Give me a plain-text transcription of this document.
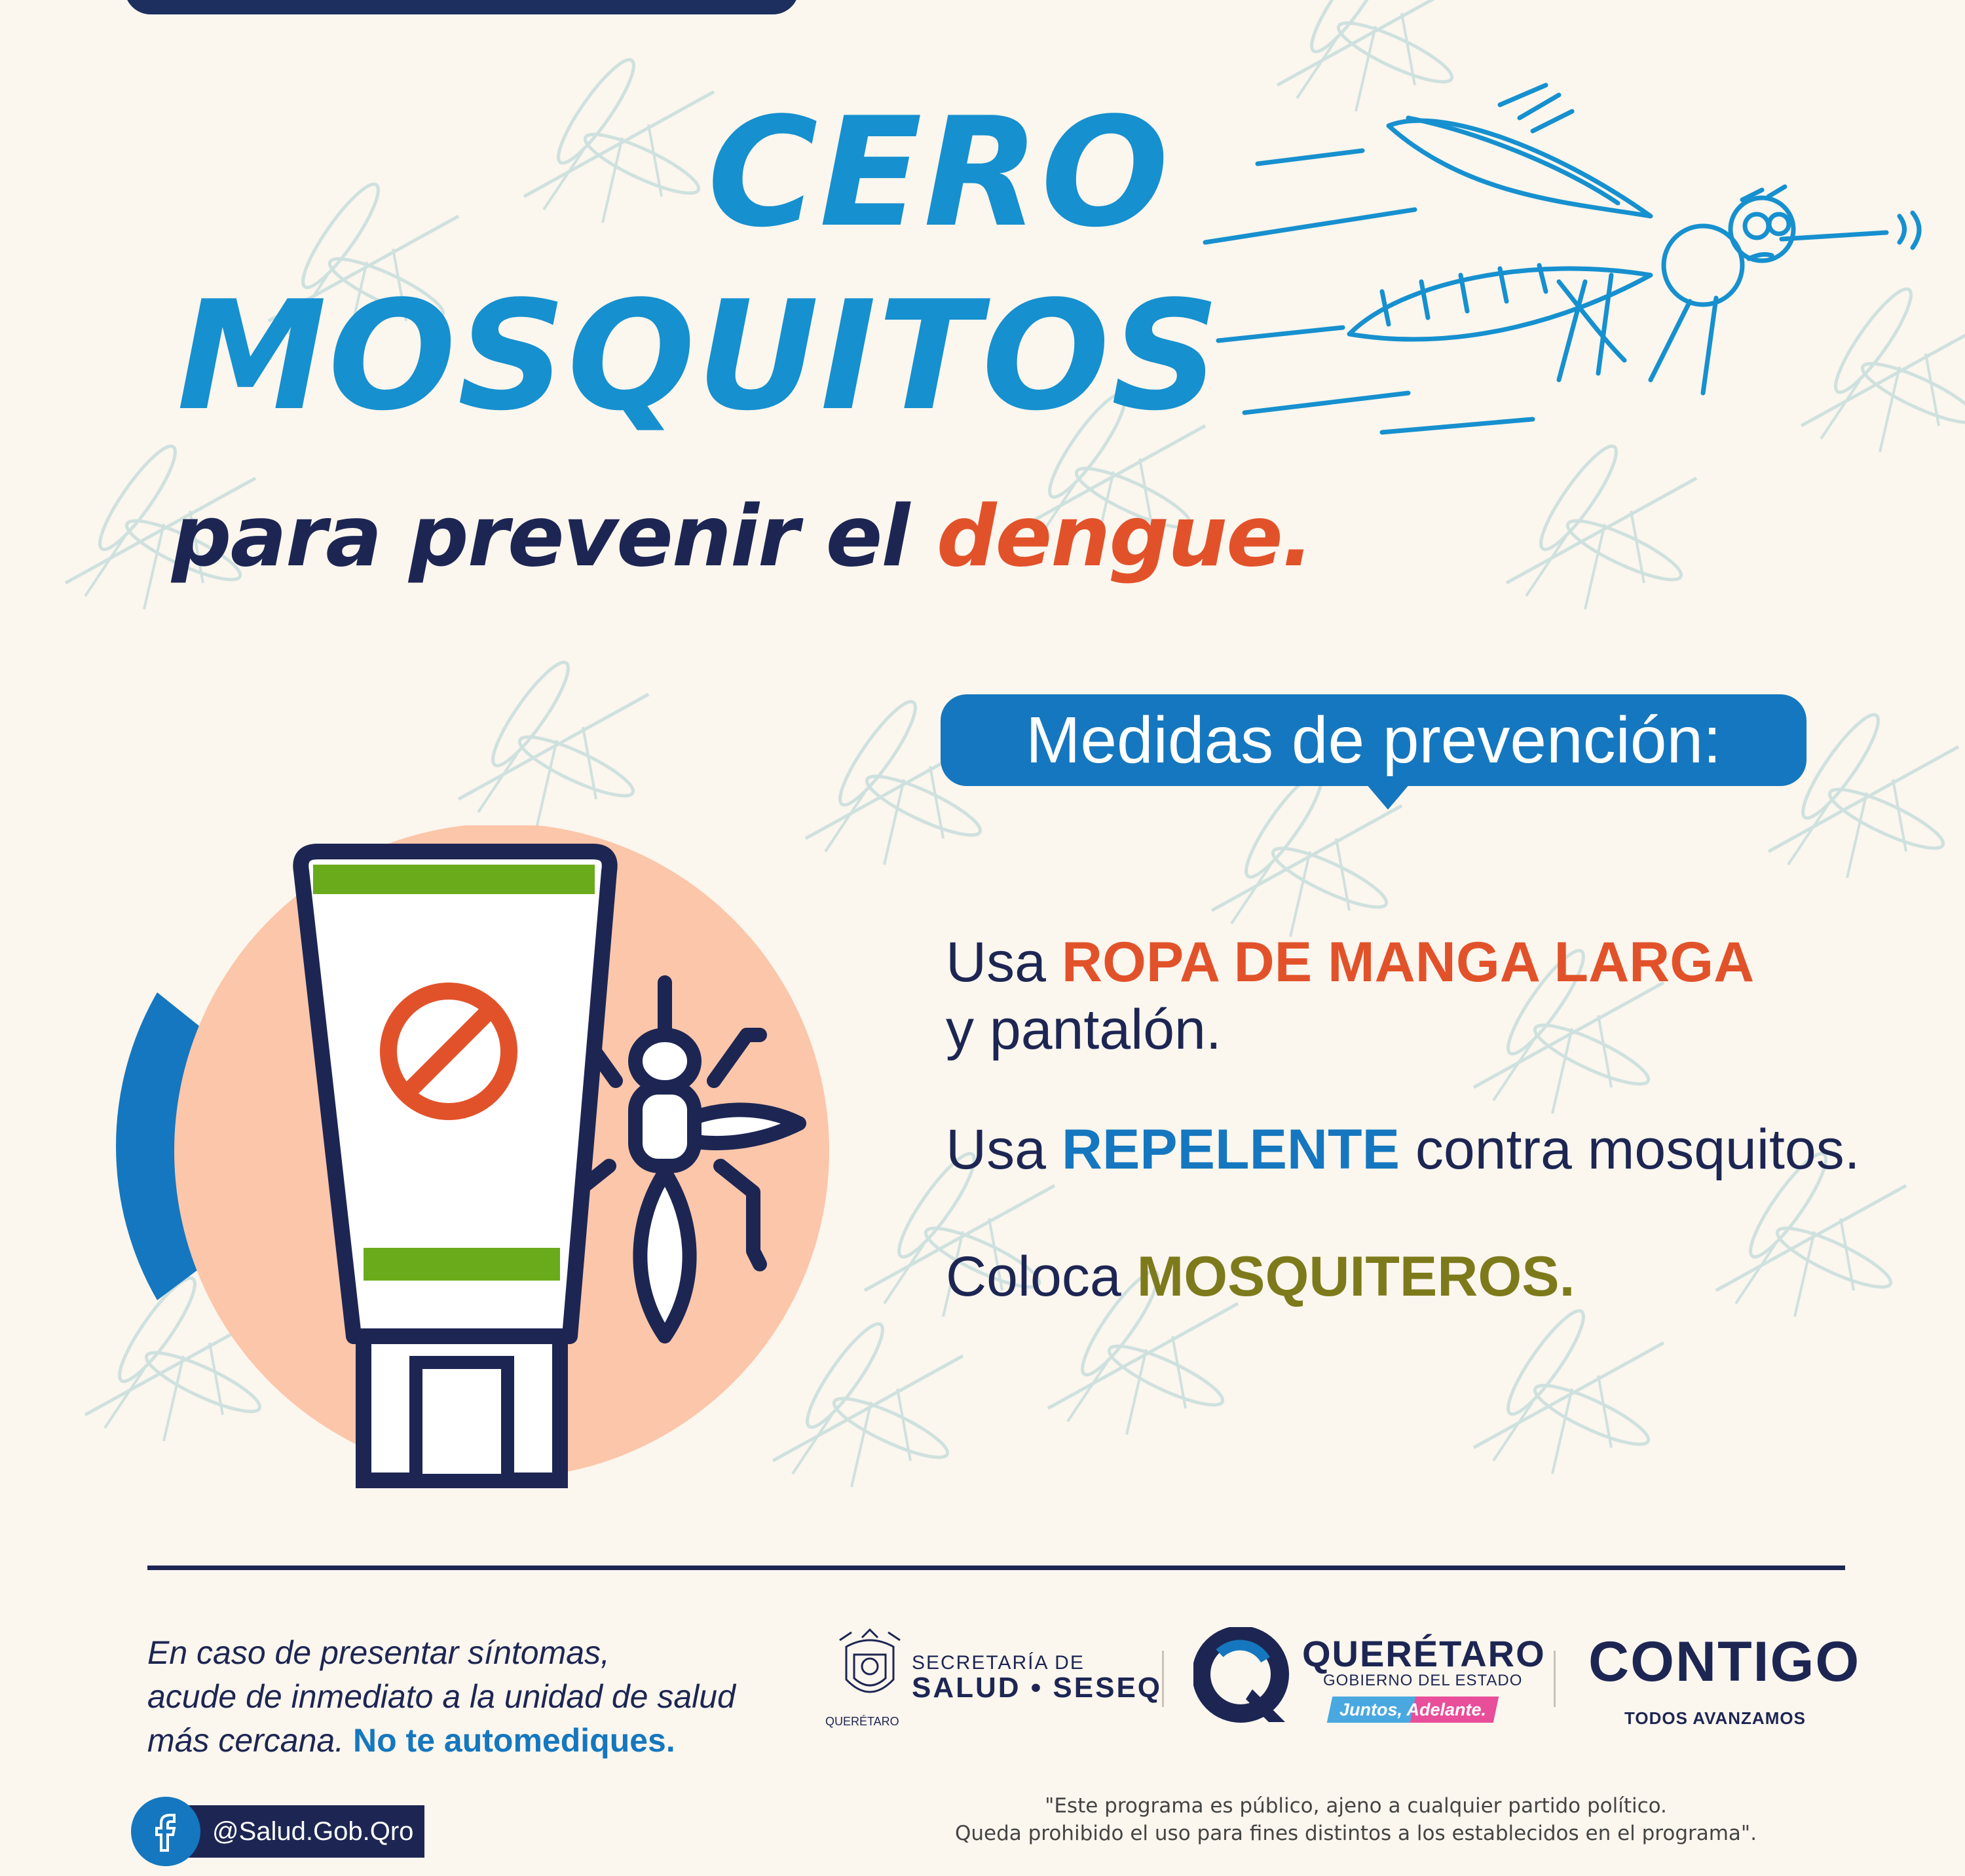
CERO
MOSQUITOS
para prevenir el dengue.
Medidas de prevención:
Usa ROPA DE MANGA LARGA
y pantalón.
Usa REPELENTE contra mosquitos.
Coloca MOSQUITEROS.
En caso de presentar síntomas,
acude de inmediato a la unidad de salud
más cercana. No te automediques.
@Salud.Gob.Qro
QUERÉTARO
SECRETARÍA DE
SALUD • SESEQ
QUERÉTARO
GOBIERNO DEL ESTADO
Juntos, Adelante.
CONTIGO
TODOS AVANZAMOS
"Este programa es público, ajeno a cualquier partido político.
Queda prohibido el uso para fines distintos a los establecidos en el programa".
